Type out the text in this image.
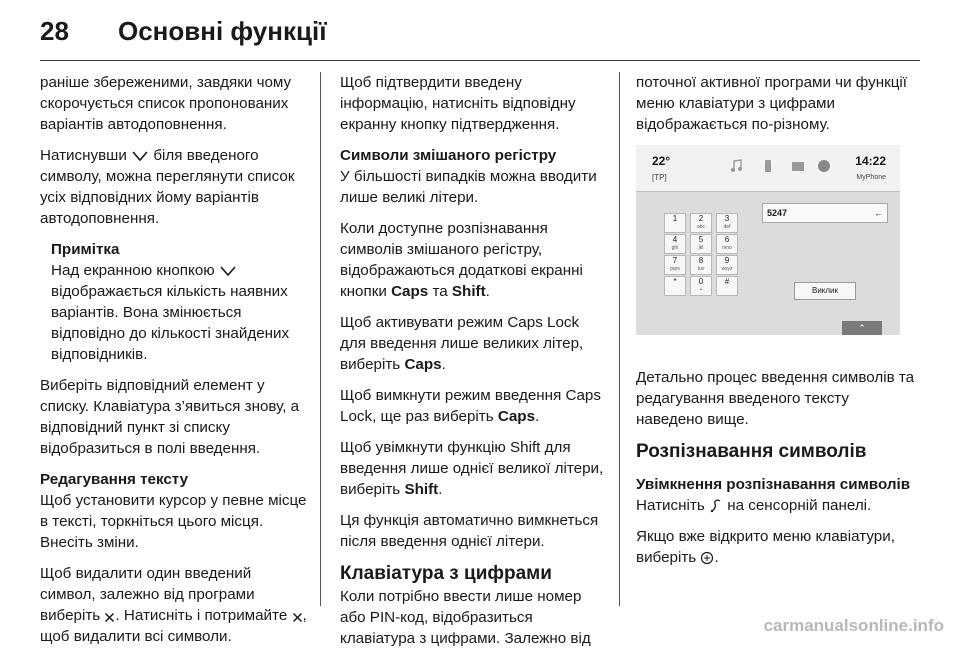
28 Основні функції

раніше збереженими, завдяки чому скорочується список пропонованих варіантів автодоповнення.

Натиснувши біля введеного символу, можна переглянути список усіх відповідних йому варіантів автодоповнення.

Примітка
Над екранною кнопкою  відображається кількість наявних варіантів. Вона змінюється відповідно до кількості знайдених відповідників.

Виберіть відповідний елемент у списку. Клавіатура з’явиться знову, а відповідний пункт зі списку відобразиться в полі введення.

Редагування тексту

Щоб установити курсор у певне місце в тексті, торкніться цього місця. Внесіть зміни.

Щоб видалити один введений символ, залежно від програми виберіть . Натисніть і потримайте , щоб видалити всі символи.

Щоб підтвердити введену інформацію, натисніть відповідну екранну кнопку підтвердження.

Символи змішаного регістру

У більшості випадків можна вводити лише великі літери.

Коли доступне розпізнавання символів змішаного регістру, відображаються додаткові екранні кнопки Caps та Shift.

Щоб активувати режим Caps Lock для введення лише великих літер, виберіть Caps.

Щоб вимкнути режим введення Caps Lock, ще раз виберіть Caps.

Щоб увімкнути функцію Shift для введення лише однієї великої літери, виберіть Shift.

Ця функція автоматично вимкнеться після введення однієї літери.

Клавіатура з цифрами

Коли потрібно ввести лише номер або PIN-код, відобразиться клавіатура з цифрами. Залежно від

поточної активної програми чи функції меню клавіатури з цифрами відображається по-різному.

22°
[TP]
14:22
MyPhone
5247	←
1	2
abc
3
def
4
ghi
5
jkl
6
mno
7
pqrs
8
tuv
9
wxyz
*	0
+
#
Виклик
⌃

Детально процес введення символів та редагування введеного тексту наведено вище.

Розпізнавання символів
Увімкнення розпізнавання символів

Натисніть на сенсорній панелі.

Якщо вже відкрито меню клавіатури, виберіть .

carmanualsonline.info
